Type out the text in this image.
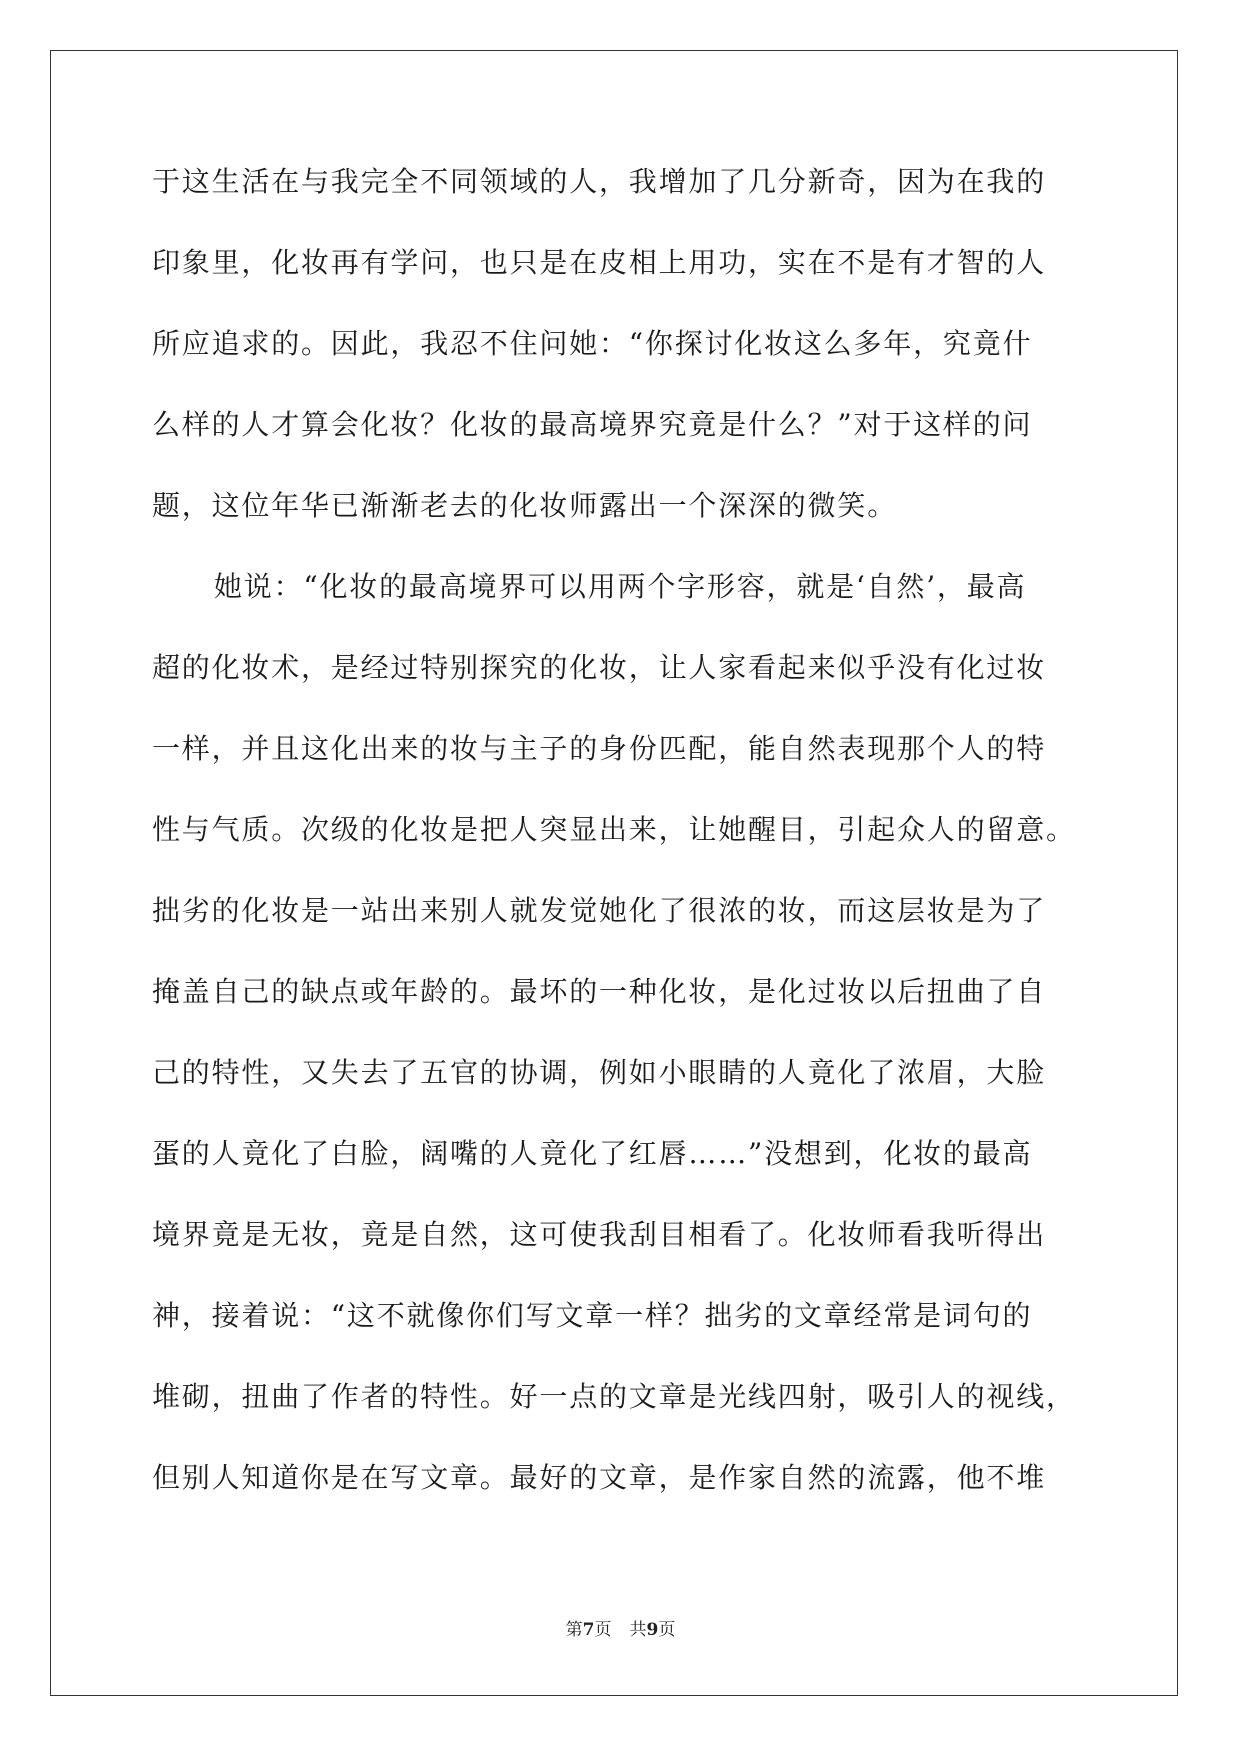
于这生活在与我完全不同领域的人，我增加了几分新奇，因为在我的
印象里，化妆再有学问，也只是在皮相上用功，实在不是有才智的人
所应追求的。因此，我忍不住问她：“你探讨化妆这么多年，究竟什
么样的人才算会化妆？化妆的最高境界究竟是什么？”对于这样的问
题，这位年华已渐渐老去的化妆师露出一个深深的微笑。
她说：“化妆的最高境界可以用两个字形容，就是‘自然’，最高
超的化妆术，是经过特别探究的化妆，让人家看起来似乎没有化过妆
一样，并且这化出来的妆与主子的身份匹配，能自然表现那个人的特
性与气质。次级的化妆是把人突显出来，让她醒目，引起众人的留意。
拙劣的化妆是一站出来别人就发觉她化了很浓的妆，而这层妆是为了
掩盖自己的缺点或年龄的。最坏的一种化妆，是化过妆以后扭曲了自
己的特性，又失去了五官的协调，例如小眼睛的人竟化了浓眉，大脸
蛋的人竟化了白脸，阔嘴的人竟化了红唇……”没想到，化妆的最高
境界竟是无妆，竟是自然，这可使我刮目相看了。化妆师看我听得出
神，接着说：“这不就像你们写文章一样？拙劣的文章经常是词句的
堆砌，扭曲了作者的特性。好一点的文章是光线四射，吸引人的视线，
但别人知道你是在写文章。最好的文章，是作家自然的流露，他不堆
第7页 共9页
